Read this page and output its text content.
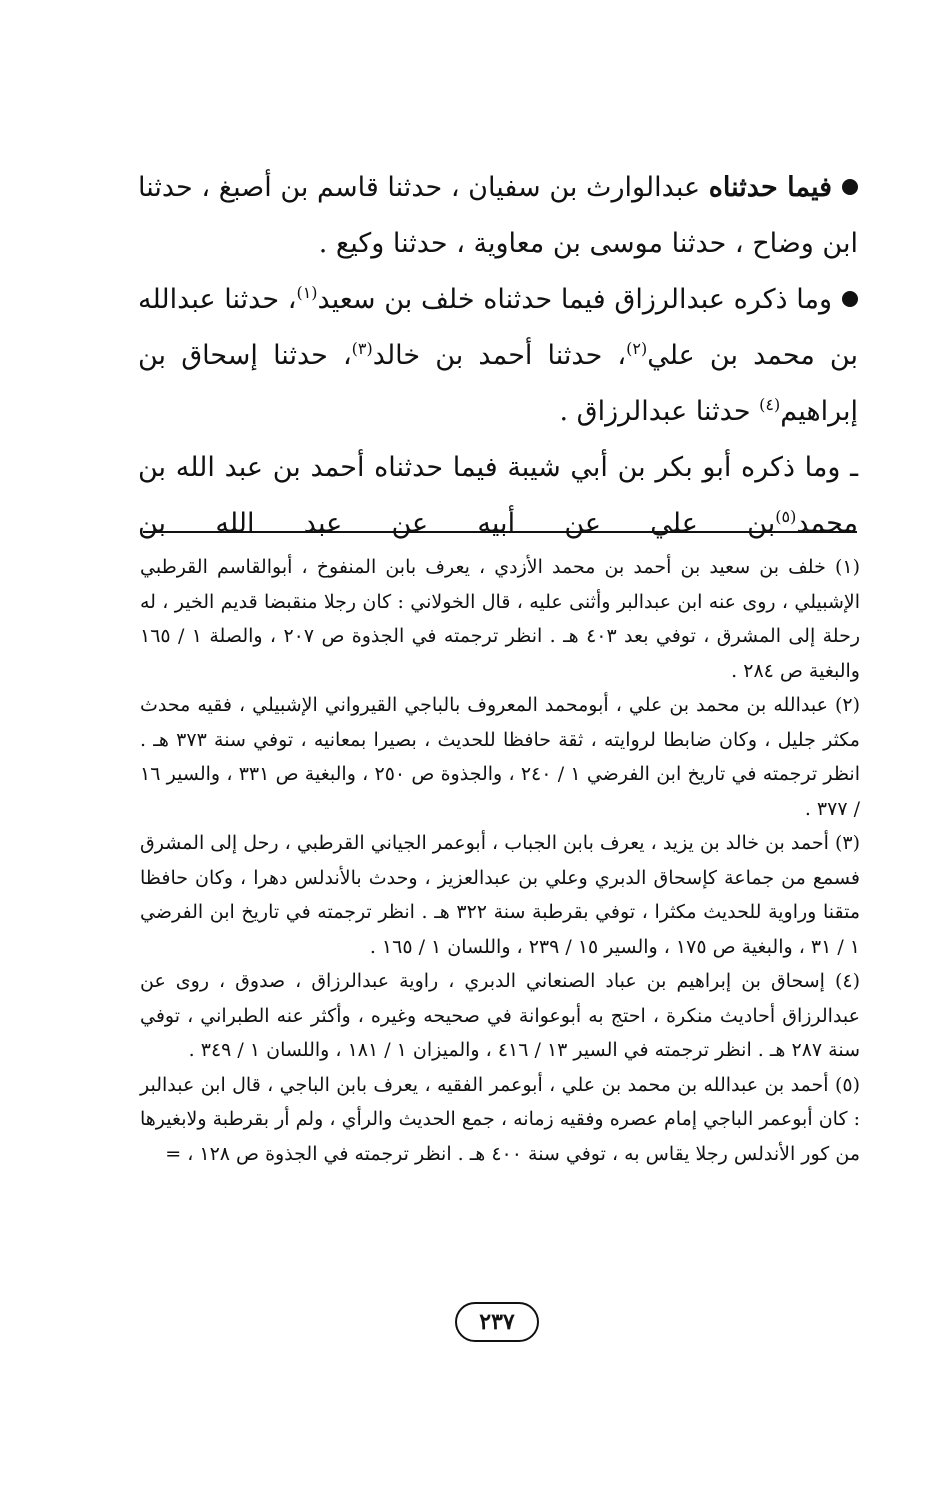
فيما حدثناه عبدالوارث بن سفيان ، حدثنا قاسم بن أصبغ ، حدثنا ابن وضاح ، حدثنا موسى بن معاوية ، حدثنا وكيع .

وما ذكره عبدالرزاق فيما حدثناه خلف بن سعيد$^{(١)}$، حدثنا عبدالله بن محمد بن علي$^{(٢)}$، حدثنا أحمد بن خالد$^{(٣)}$، حدثنا إسحاق بن إبراهيم$^{(٤)}$ حدثنا عبدالرزاق .

ـ وما ذكره أبو بكر بن أبي شيبة فيما حدثناه أحمد بن عبد الله بن محمد$^{(٥)}$بن علي عن أبيه عن عبد الله بن

(١) خلف بن سعيد بن أحمد بن محمد الأزدي ، يعرف بابن المنفوخ ، أبوالقاسم القرطبي الإشبيلي ، روى عنه ابن عبدالبر وأثنى عليه ، قال الخولاني : كان رجلا منقبضا قديم الخير ، له رحلة إلى المشرق ، توفي بعد ٤٠٣ هـ . انظر ترجمته في الجذوة ص ٢٠٧ ، والصلة ١ / ١٦٥ والبغية ص ٢٨٤ .

(٢) عبدالله بن محمد بن علي ، أبومحمد المعروف بالباجي القيرواني الإشبيلي ، فقيه محدث مكثر جليل ، وكان ضابطا لروايته ، ثقة حافظا للحديث ، بصيرا بمعانيه ، توفي سنة ٣٧٣ هـ . انظر ترجمته في تاريخ ابن الفرضي ١ / ٢٤٠ ، والجذوة ص ٢٥٠ ، والبغية ص ٣٣١ ، والسير ١٦ / ٣٧٧ .

(٣) أحمد بن خالد بن يزيد ، يعرف بابن الجباب ، أبوعمر الجياني القرطبي ، رحل إلى المشرق فسمع من جماعة كإسحاق الدبري وعلي بن عبدالعزيز ، وحدث بالأندلس دهرا ، وكان حافظا متقنا وراوية للحديث مكثرا ، توفي بقرطبة سنة ٣٢٢ هـ . انظر ترجمته في تاريخ ابن الفرضي ١ / ٣١ ، والبغية ص ١٧٥ ، والسير ١٥ / ٢٣٩ ، واللسان ١ / ١٦٥ .

(٤) إسحاق بن إبراهيم بن عباد الصنعاني الدبري ، راوية عبدالرزاق ، صدوق ، روى عن عبدالرزاق أحاديث منكرة ، احتج به أبوعوانة في صحيحه وغيره ، وأكثر عنه الطبراني ، توفي سنة ٢٨٧ هـ . انظر ترجمته في السير ١٣ / ٤١٦ ، والميزان ١ / ١٨١ ، واللسان ١ / ٣٤٩ .

(٥) أحمد بن عبدالله بن محمد بن علي ، أبوعمر الفقيه ، يعرف بابن الباجي ، قال ابن عبدالبر : كان أبوعمر الباجي إمام عصره وفقيه زمانه ، جمع الحديث والرأي ، ولم أر بقرطبة ولابغيرها من كور الأندلس رجلا يقاس به ، توفي سنة ٤٠٠ هـ . انظر ترجمته في الجذوة ص ١٢٨ ، =

٢٣٧
